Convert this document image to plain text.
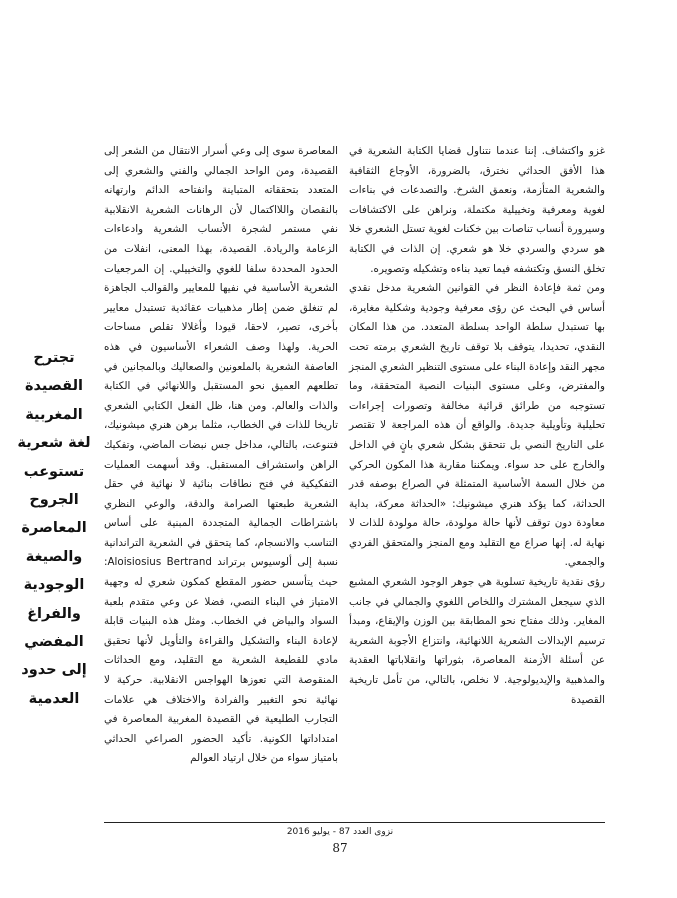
غزو واكتشاف. إننا عندما نتناول قضايا الكتابة الشعرية في هذا الأفق الحداثي نخترق، بالضرورة، الأوجاع الثقافية والشعرية المتأزمة، ونعمق الشرخ. والتصدعات في بناءات لغوية ومعرفية وتخييلية مكتملة، ونراهن على الاكتشافات وسيرورة أنساب تناصات بين خكنات لغوية تستل الشعري خلا هو سردي والسردي خلا هو شعري. إن الذات في الكتابة تخلق النسق وتكتشفه فيما تعيد بناءه وتشكيله وتصويره.

ومن ثمة فإعادة النظر في القوانين الشعرية مدخل نقدي أساس في البحث عن رؤى معرفية وجودية وشكلية مغايرة، بها تستبدل سلطة الواحد بسلطة المتعدد. من هذا المكان النقدي، تحديدا، يتوقف بلا توقف تاريخ الشعري برمته تحت مجهر النقد وإعادة البناء على مستوى التنظير الشعري المنجز والمفترض، وعلى مستوى البنيات النصية المتحققة، وما تستوجبه من طرائق قرائية مخالفة وتصورات إجراءات تحليلية وتأويلية جديدة. والواقع أن هذه المراجعة لا تقتصر على التاريخ النصي بل تتحقق بشكل شعري بانٍ في الداخل والخارج على حد سواء. ويمكننا مقاربة هذا المكون الحركي من خلال السمة الأساسية المتمثلة في الصراع بوصفه قدر الحداثة، كما يؤكد هنري ميشونيك: «الحداثة معركة، بداية معاودة دون توقف لأنها حالة مولودة، حالة مولودة للذات لا نهاية له. إنها صراع مع التقليد ومع المنجز والمتحقق الفردي والجمعي.

رؤى نقدية تاريخية تسلوية هي جوهر الوجود الشعري المشبع الذي سيجعل المشترك واللخاص اللغوي والجمالي في جانب المغاير. وذلك مفتاح نحو المطابقة بين الوزن والإيقاع، ومبدأ ترسيم الإبدالات الشعرية اللانهائية، وانتزاع الأجوبة الشعرية عن أسئلة الأزمنة المعاصرة، بثوراتها وانقلاباتها العقدية والمذهبية والإيديولوجية. لا نخلص، بالتالي، من تأمل تاريخية القصيدة

المعاصرة سوى إلى وعي أسرار الانتقال من الشعر إلى القصيدة، ومن الواحد الجمالي والفني والشعري إلى المتعدد بتحققاته المتباينة وانفتاحه الدائم وارتهانه بالنقصان واللااكتمال لأن الرهانات الشعرية الانقلابية نفي مستمر لشجرة الأنساب الشعرية وادعاءات الزعامة والريادة. القصيدة، بهذا المعنى، انفلات من الحدود المحددة سلفا للغوي والتخييلي. إن المرجعيات الشعرية الأساسية في نفيها للمعايير والقوالب الجاهزة لم تنغلق ضمن إطار مذهبيات عقائدية تستبدل معايير بأخرى، تصير، لاحقا، قيودا وأغلالا تقلص مساحات الحرية. ولهذا وصف الشعراء الأساسيون في هذه العاصفة الشعرية بالملعونين والصعاليك وبالمجانين في تطلعهم العميق نحو المستقبل واللانهائي في الكتابة والذات والعالم. ومن هنا، ظل الفعل الكتابي الشعري تاريخا للذات في الخطاب، مثلما برهن هنري ميشونيك، فتنوعت، بالتالي، مداخل جس نبضات الماضي، وتفكيك الراهن واستشراف المستقبل. وقد أسهمت العمليات التفكيكية في فتح نطاقات بنائية لا نهائية في حقل الشعرية طبعتها الصرامة والدقة، والوعي النظري باشتراطات الجمالية المتجددة المبنية على أساس التناسب والانسجام، كما يتحقق في الشعرية التراندانية نسبة إلى ألوسيوس برتراند Aloisiosius Bertrand: حيث يتأسس حضور المقطع كمكون شعري له وجهية الامتياز في البناء النصي، فضلا عن وعي متقدم بلعبة السواد والبياض في الخطاب. ومثل هذه البنيات قابلة لإعادة البناء والتشكيل والقراءة والتأويل لأنها تحقيق مادي للقطيعة الشعرية مع التقليد، ومع الحداثات المنقوصة التي تعوزها الهواجس الانقلابية. حركية لا نهائية نحو التغيير والفرادة والاختلاف هي علامات التجارب الطليعية في القصيدة المغربية المعاصرة في امتداداتها الكونية. تأكيد الحضور الصراعي الحداثي بامتياز سواء من خلال ارتياد العوالم

تجترح
القصيدة
المغربية
لغة شعرية
تستوعب
الجروح
المعاصرة
والصيغة
الوجودية
والفراغ
المفضي
إلى حدود
العدمية
نزوى العدد 87 - يوليو 2016
87
